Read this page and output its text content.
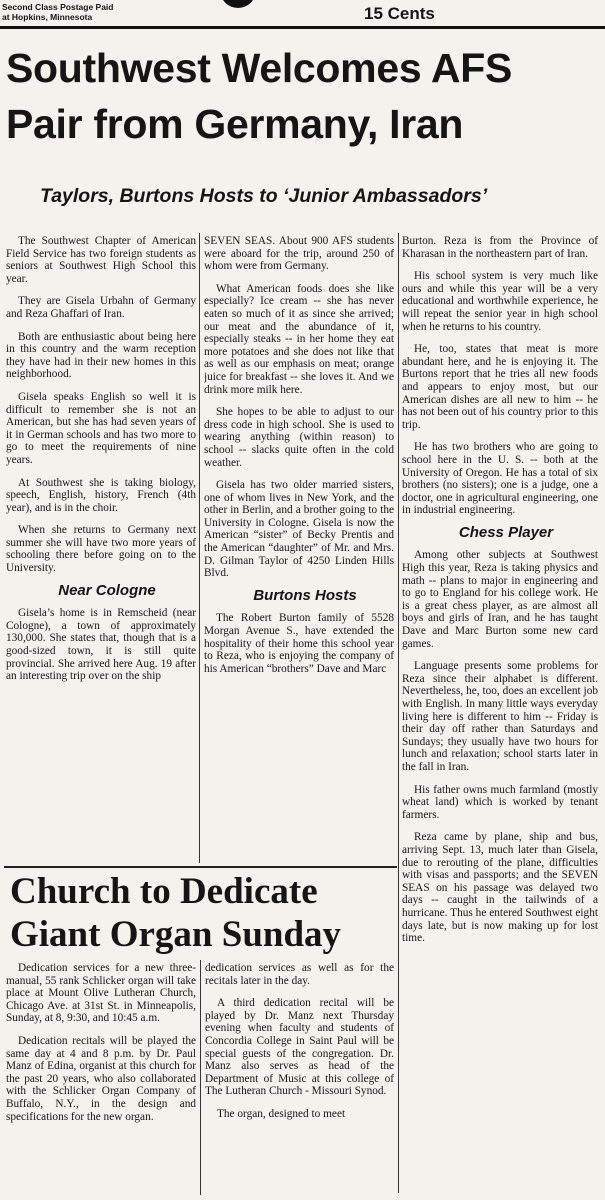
Second Class Postage Paid
at Hopkins, Minnesota	15 Cents
Southwest Welcomes AFS
Pair from Germany, Iran
Taylors, Burtons Hosts to ‘Junior Ambassadors’

The Southwest Chapter of American Field Service has two foreign students as seniors at Southwest High School this year.

They are Gisela Urbahn of Germany and Reza Ghaffari of Iran.

Both are enthusiastic about being here in this country and the warm reception they have had in their new homes in this neighborhood.

Gisela speaks English so well it is difficult to remember she is not an American, but she has had seven years of it in German schools and has two more to go to meet the requirements of nine years.

At Southwest she is taking biology, speech, English, history, French (4th year), and is in the choir.

When she returns to Germany next summer she will have two more years of schooling there before going on to the University.

Near Cologne

Gisela’s home is in Remscheid (near Cologne), a town of approximately 130,000. She states that, though that is a good-sized town, it is still quite provincial. She arrived here Aug. 19 after an interesting trip over on the ship

SEVEN SEAS. About 900 AFS students were aboard for the trip, around 250 of whom were from Germany.

What American foods does she like especially? Ice cream -- she has never eaten so much of it as since she arrived; our meat and the abundance of it, especially steaks -- in her home they eat more potatoes and she does not like that as well as our emphasis on meat; orange juice for breakfast -- she loves it. And we drink more milk here.

She hopes to be able to adjust to our dress code in high school. She is used to wearing anything (within reason) to school -- slacks quite often in the cold weather.

Gisela has two older married sisters, one of whom lives in New York, and the other in Berlin, and a brother going to the University in Cologne. Gisela is now the American “sister” of Becky Prentis and the American “daughter” of Mr. and Mrs. D. Gilman Taylor of 4250 Linden Hills Blvd.

Burtons Hosts

The Robert Burton family of 5528 Morgan Avenue S., have extended the hospitality of their home this school year to Reza, who is enjoying the company of his American “brothers” Dave and Marc

Burton. Reza is from the Province of Kharasan in the northeastern part of Iran.

His school system is very much like ours and while this year will be a very educational and worthwhile experience, he will repeat the senior year in high school when he returns to his country.

He, too, states that meat is more abundant here, and he is enjoying it. The Burtons report that he tries all new foods and appears to enjoy most, but our American dishes are all new to him -- he has not been out of his country prior to this trip.

He has two brothers who are going to school here in the U. S. -- both at the University of Oregon. He has a total of six brothers (no sisters); one is a judge, one a doctor, one in agricultural engineering, one in industrial engineering.

Chess Player

Among other subjects at Southwest High this year, Reza is taking physics and math -- plans to major in engineering and to go to England for his college work. He is a great chess player, as are almost all boys and girls of Iran, and he has taught Dave and Marc Burton some new card games.

Language presents some problems for Reza since their alphabet is different. Nevertheless, he, too, does an excellent job with English. In many little ways everyday living here is different to him -- Friday is their day off rather than Saturdays and Sundays; they usually have two hours for lunch and relaxation; school starts later in the fall in Iran.

His father owns much farmland (mostly wheat land) which is worked by tenant farmers.

Reza came by plane, ship and bus, arriving Sept. 13, much later than Gisela, due to rerouting of the plane, difficulties with visas and passports; and the SEVEN SEAS on his passage was delayed two days -- caught in the tailwinds of a hurricane. Thus he entered Southwest eight days late, but is now making up for lost time.

Church to Dedicate
Giant Organ Sunday

Dedication services for a new three-manual, 55 rank Schlicker organ will take place at Mount Olive Lutheran Church, Chicago Ave. at 31st St. in Minneapolis, Sunday, at 8, 9:30, and 10:45 a.m.

Dedication recitals will be played the same day at 4 and 8 p.m. by Dr. Paul Manz of Edina, organist at this church for the past 20 years, who also collaborated with the Schlicker Organ Company of Buffalo, N.Y., in the design and specifications for the new organ.

dedication services as well as for the recitals later in the day.

A third dedication recital will be played by Dr. Manz next Thursday evening when faculty and students of Concordia College in Saint Paul will be special guests of the congregation. Dr. Manz also serves as head of the Department of Music at this college of The Lutheran Church - Missouri Synod.

The organ, designed to meet
